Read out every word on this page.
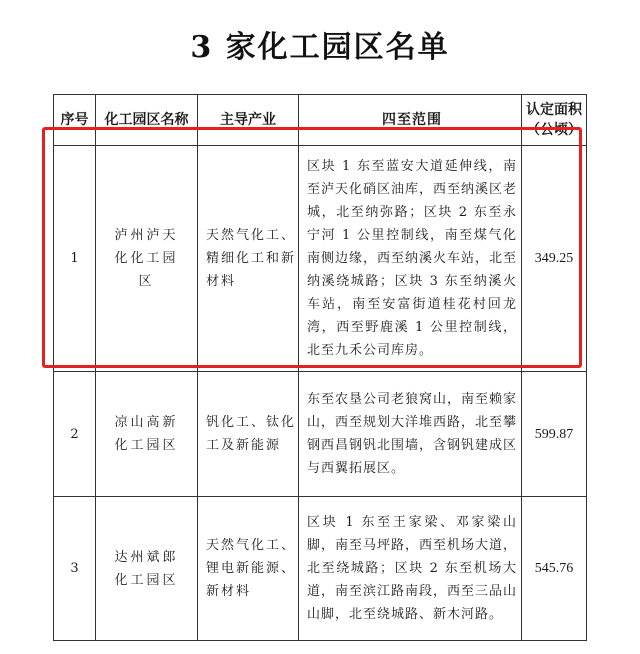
3 家化工园区名单
序号	化工园区名称	主导产业	四至范围	认定面积
（公顷）

1	泸州泸天化化工园区	天然气化工、精细化工和新材料	区块 1 东至蓝安大道延伸线，南至泸天化硝区油库，西至纳溪区老城，北至纳弥路；区块 2 东至永宁河 1 公里控制线，南至煤气化南侧边缘，西至纳溪火车站，北至纳溪绕城路；区块 3 东至纳溪火车站，南至安富街道桂花村回龙湾，西至野鹿溪 1 公里控制线，北至九禾公司库房。	349.25
2	凉山高新化工园区	钒化工、钛化工及新能源	东至农垦公司老狼窝山，南至赖家山，西至规划大洋堆西路，北至攀钢西昌钢钒北围墙，含钢钒建成区与西翼拓展区。	599.87
3	达州斌郎化工园区	天然气化工、锂电新能源、新材料	区块 1 东至王家梁、邓家梁山脚，南至马坪路，西至机场大道，北至绕城路；区块 2 东至机场大道，南至滨江路南段，西至三品山山脚，北至绕城路、新木河路。	545.76
